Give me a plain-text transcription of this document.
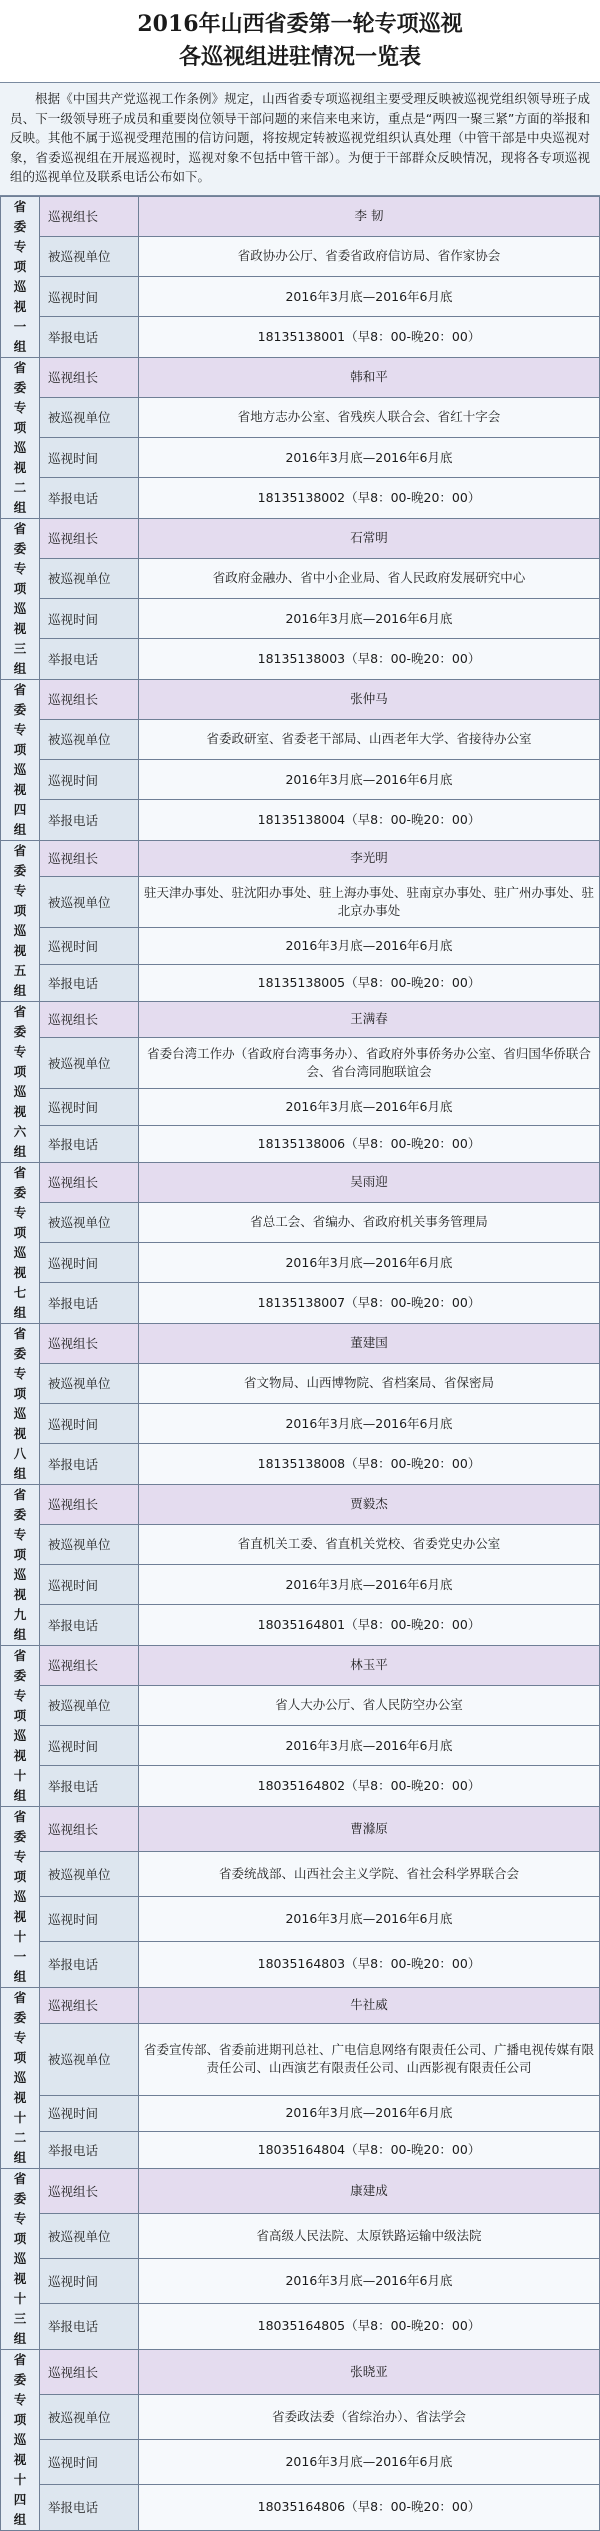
2016年山西省委第一轮专项巡视
各巡视组进驻情况一览表
根据《中国共产党巡视工作条例》规定，山西省委专项巡视组主要受理反映被巡视党组织领导班子成员、下一级领导班子成员和重要岗位领导干部问题的来信来电来访，重点是“两四一聚三紧”方面的举报和反映。其他不属于巡视受理范围的信访问题，将按规定转被巡视党组织认真处理（中管干部是中央巡视对象，省委巡视组在开展巡视时，巡视对象不包括中管干部）。为便于干部群众反映情况，现将各专项巡视组的巡视单位及联系电话公布如下。
省委专项巡视一组	巡视组长	李 韧
	被巡视单位	省政协办公厅、省委省政府信访局、省作家协会
	巡视时间	2016年3月底—2016年6月底
	举报电话	18135138001（早8：00-晚20：00）

省委专项巡视二组	巡视组长	韩和平
	被巡视单位	省地方志办公室、省残疾人联合会、省红十字会
	巡视时间	2016年3月底—2016年6月底
	举报电话	18135138002（早8：00-晚20：00）

省委专项巡视三组	巡视组长	石常明
	被巡视单位	省政府金融办、省中小企业局、省人民政府发展研究中心
	巡视时间	2016年3月底—2016年6月底
	举报电话	18135138003（早8：00-晚20：00）

省委专项巡视四组	巡视组长	张仲马
	被巡视单位	省委政研室、省委老干部局、山西老年大学、省接待办公室
	巡视时间	2016年3月底—2016年6月底
	举报电话	18135138004（早8：00-晚20：00）

省委专项巡视五组	巡视组长	李光明
	被巡视单位	驻天津办事处、驻沈阳办事处、驻上海办事处、驻南京办事处、驻广州办事处、驻北京办事处
	巡视时间	2016年3月底—2016年6月底
	举报电话	18135138005（早8：00-晚20：00）

省委专项巡视六组	巡视组长	王满春
	被巡视单位	省委台湾工作办（省政府台湾事务办）、省政府外事侨务办公室、省归国华侨联合会、省台湾同胞联谊会
	巡视时间	2016年3月底—2016年6月底
	举报电话	18135138006（早8：00-晚20：00）

省委专项巡视七组	巡视组长	吴雨迎
	被巡视单位	省总工会、省编办、省政府机关事务管理局
	巡视时间	2016年3月底—2016年6月底
	举报电话	18135138007（早8：00-晚20：00）

省委专项巡视八组	巡视组长	董建国
	被巡视单位	省文物局、山西博物院、省档案局、省保密局
	巡视时间	2016年3月底—2016年6月底
	举报电话	18135138008（早8：00-晚20：00）

省委专项巡视九组	巡视组长	贾毅杰
	被巡视单位	省直机关工委、省直机关党校、省委党史办公室
	巡视时间	2016年3月底—2016年6月底
	举报电话	18035164801（早8：00-晚20：00）

省委专项巡视十组	巡视组长	林玉平
	被巡视单位	省人大办公厅、省人民防空办公室
	巡视时间	2016年3月底—2016年6月底
	举报电话	18035164802（早8：00-晚20：00）

省委专项巡视十一组	巡视组长	曹滌原
	被巡视单位	省委统战部、山西社会主义学院、省社会科学界联合会
	巡视时间	2016年3月底—2016年6月底
	举报电话	18035164803（早8：00-晚20：00）

省委专项巡视十二组	巡视组长	牛社威
	被巡视单位	省委宣传部、省委前进期刊总社、广电信息网络有限责任公司、广播电视传媒有限责任公司、山西演艺有限责任公司、山西影视有限责任公司
	巡视时间	2016年3月底—2016年6月底
	举报电话	18035164804（早8：00-晚20：00）

省委专项巡视十三组	巡视组长	康建成
	被巡视单位	省高级人民法院、太原铁路运输中级法院
	巡视时间	2016年3月底—2016年6月底
	举报电话	18035164805（早8：00-晚20：00）

省委专项巡视十四组	巡视组长	张晓亚
	被巡视单位	省委政法委（省综治办）、省法学会
	巡视时间	2016年3月底—2016年6月底
	举报电话	18035164806（早8：00-晚20：00）
